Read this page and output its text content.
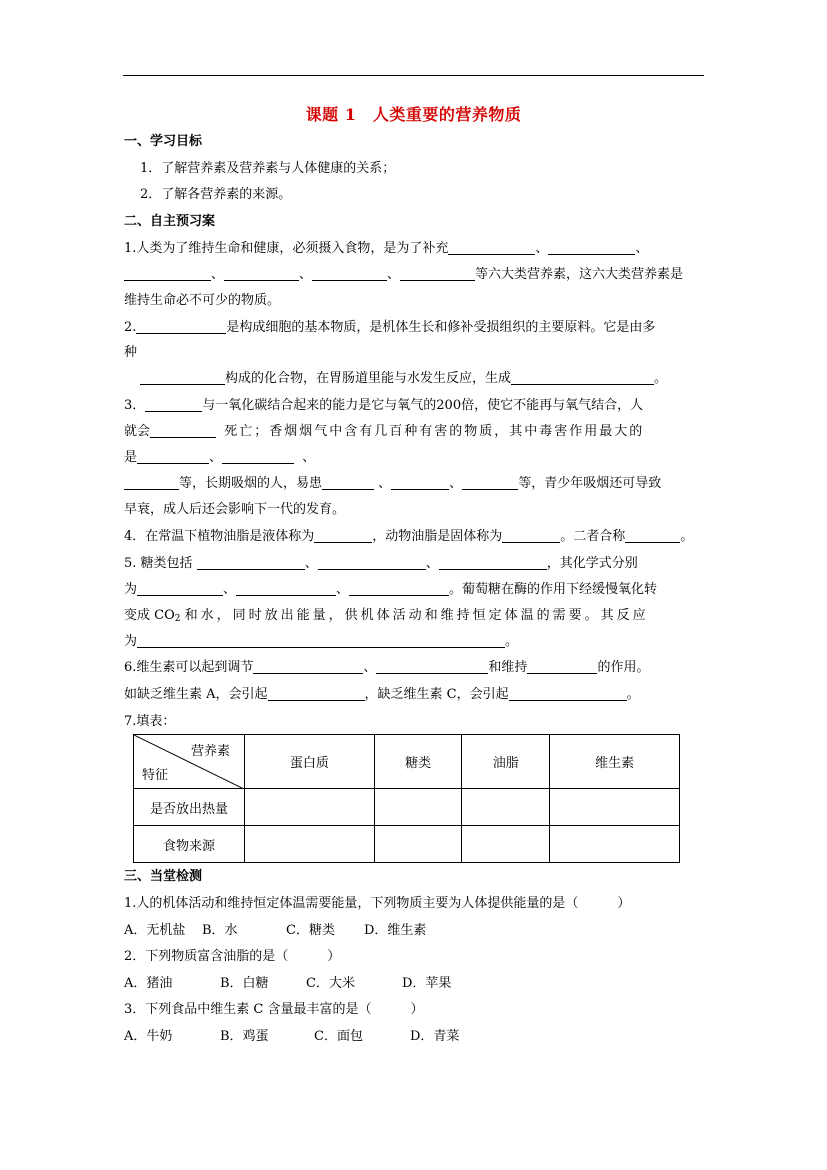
课题 1　人类重要的营养物质
一、学习目标
1．了解营养素及营养素与人体健康的关系；
2．了解各营养素的来源。
二、自主预习案
1.人类为了维持生命和健康，必须摄入食物，是为了补充	、	、
、	、	、	等六大类营养素，这六大类营养素是
维持生命必不可少的物质。
2.	是构成细胞的基本物质，是机体生长和修补受损组织的主要原料。它是由多
种
构成的化合物，在胃肠道里能与水发生反应，生成	。
3．	与一氧化碳结合起来的能力是它与氧气的200倍，使它不能再与氧气结合，人
就会	死亡；香烟烟气中含有几百种有害的物质，其中毒害作用最大的
是	、	、
等，长期吸烟的人，易患	、	、	等，青少年吸烟还可导致
早衰，成人后还会影响下一代的发育。
4．在常温下植物油脂是液体称为	，动物油脂是固体称为	。二者合称	。
5. 糖类包括	、	、	，其化学式分别
为	、	、	。葡萄糖在酶的作用下经缓慢氧化转
变成 $CO_2$ 和水，同时放出能量，供机体活动和维持恒定体温的需要。其反应
为	。
6.维生素可以起到调节	、	和维持	的作用。
如缺乏维生素 A，会引起	，缺乏维生素 C，会引起	。
7.填表：
营养素
特征	蛋白质	糖类	油脂	维生素
是否放出热量				
食物来源				
三、当堂检测
1.人的机体活动和维持恒定体温需要能量，下列物质主要为人体提供能量的是（　　　）
A．无机盐 B．水	C．糖类 D．维生素
2．下列物质富含油脂的是（　　　）
A．猪油	B．白糖	C．大米	D．苹果
3．下列食品中维生素 C 含量最丰富的是（　　　）
A．牛奶	B．鸡蛋	C．面包	D．青菜
